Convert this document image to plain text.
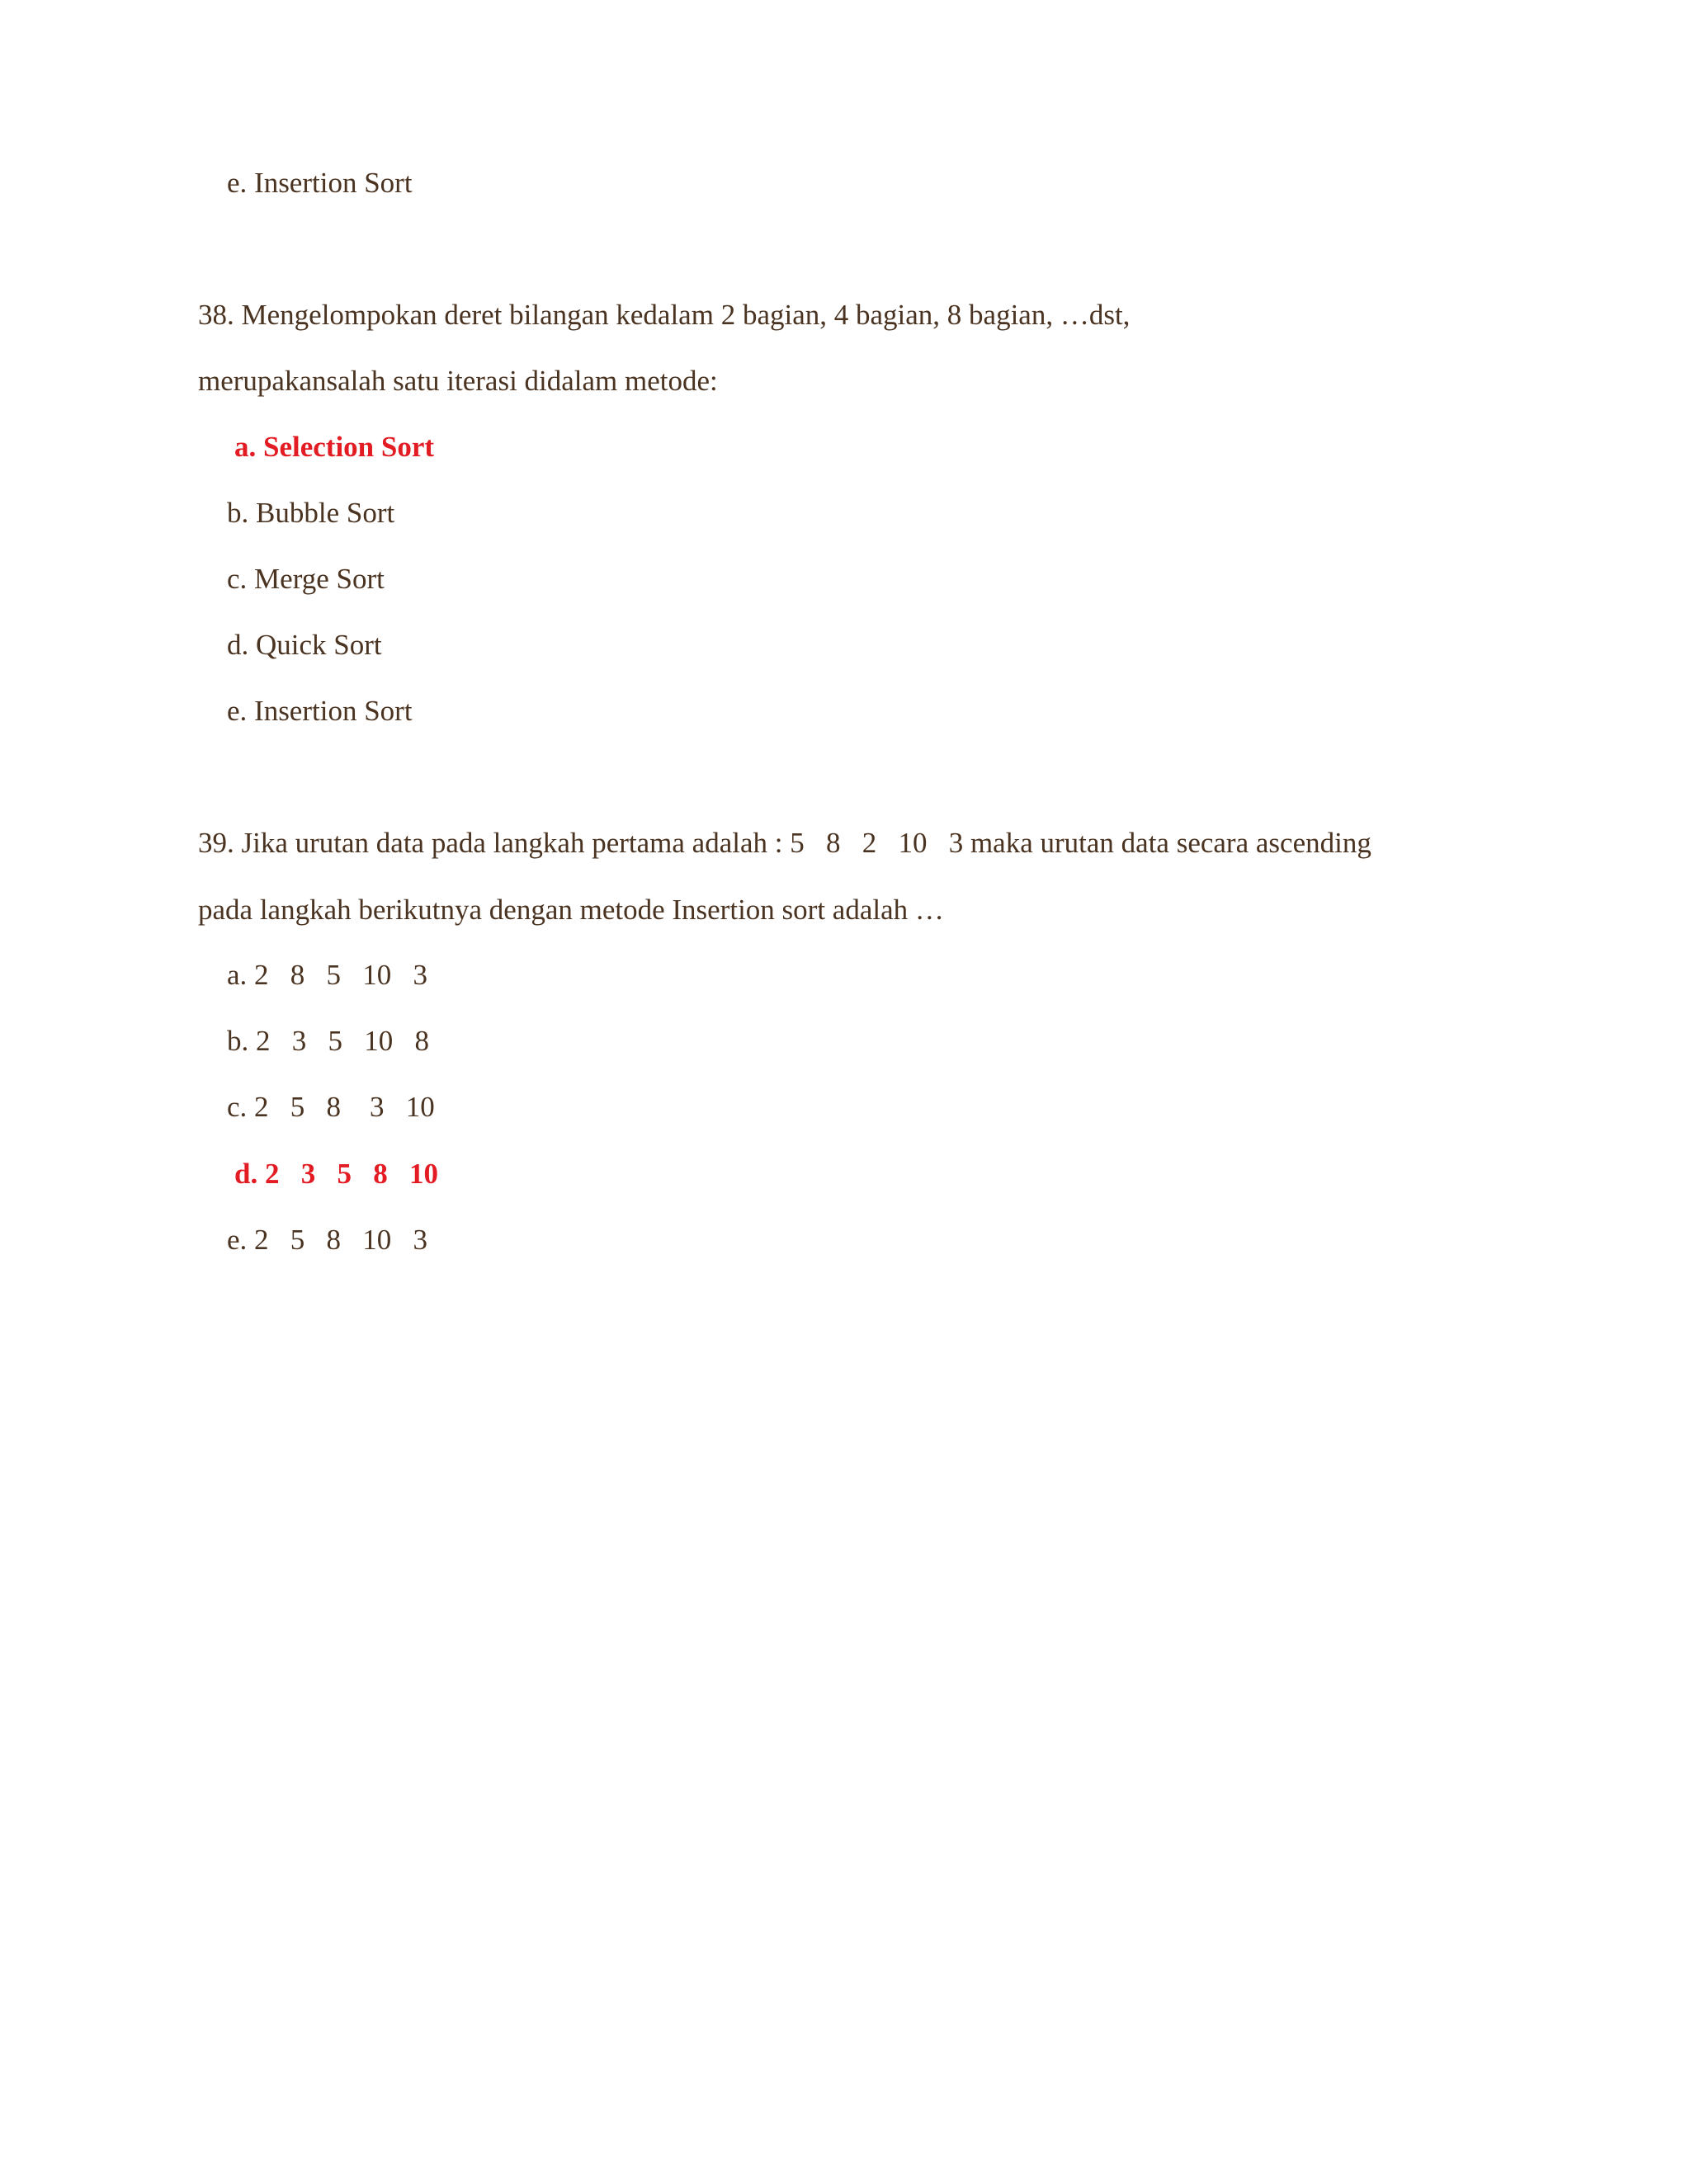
e. Insertion Sort
38. Mengelompokan deret bilangan kedalam 2 bagian, 4 bagian, 8 bagian, …dst,
merupakansalah satu iterasi didalam metode:
a. Selection Sort
b. Bubble Sort
c. Merge Sort
d. Quick Sort
e. Insertion Sort
39. Jika urutan data pada langkah pertama adalah : 5   8   2   10   3 maka urutan data secara ascending
pada langkah berikutnya dengan metode Insertion sort adalah …
a. 2   8   5   10   3
b. 2   3   5   10   8
c. 2   5   8    3   10
d. 2   3   5   8   10
e. 2   5   8   10   3
